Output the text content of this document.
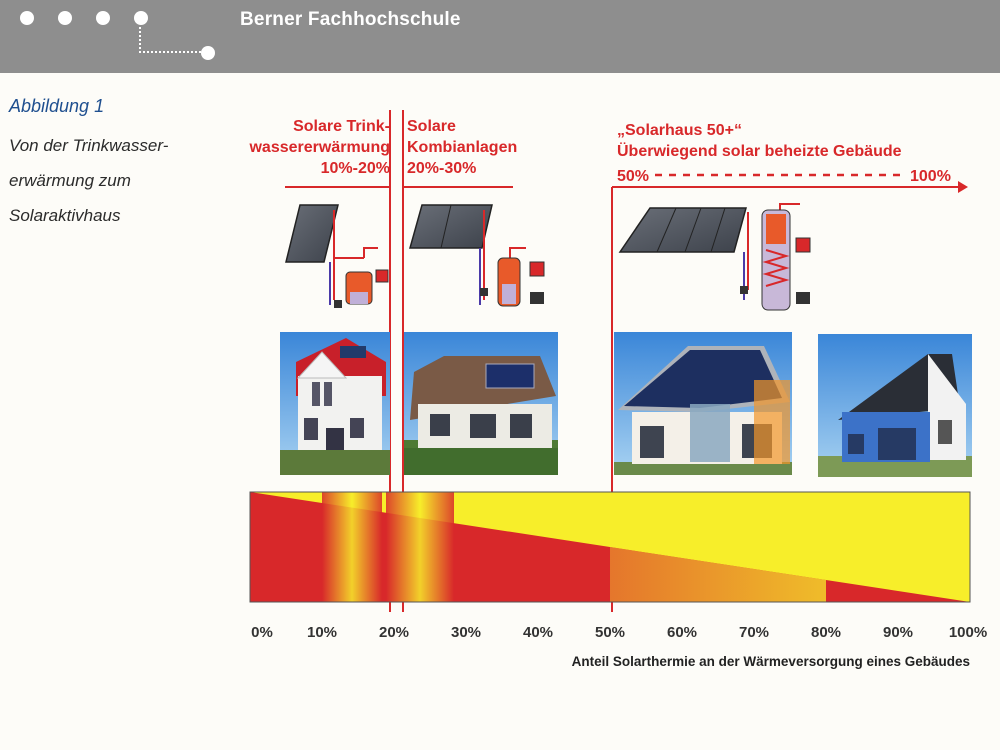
Berner Fachhochschule
Abbildung 1
Von der Trinkwasser-
erwärmung zum
Solaraktivhaus
Solare Trink-
wassererwärmung
10%-20%
Solare
Kombianlagen
20%-30%
„Solarhaus 50+“
Überwiegend solar beheizte Gebäude
50%	100%
0% 10%	20%	30%	40%	50%	60%	70%	80%	90% 100%
Anteil Solarthermie an der Wärmeversorgung eines Gebäudes
